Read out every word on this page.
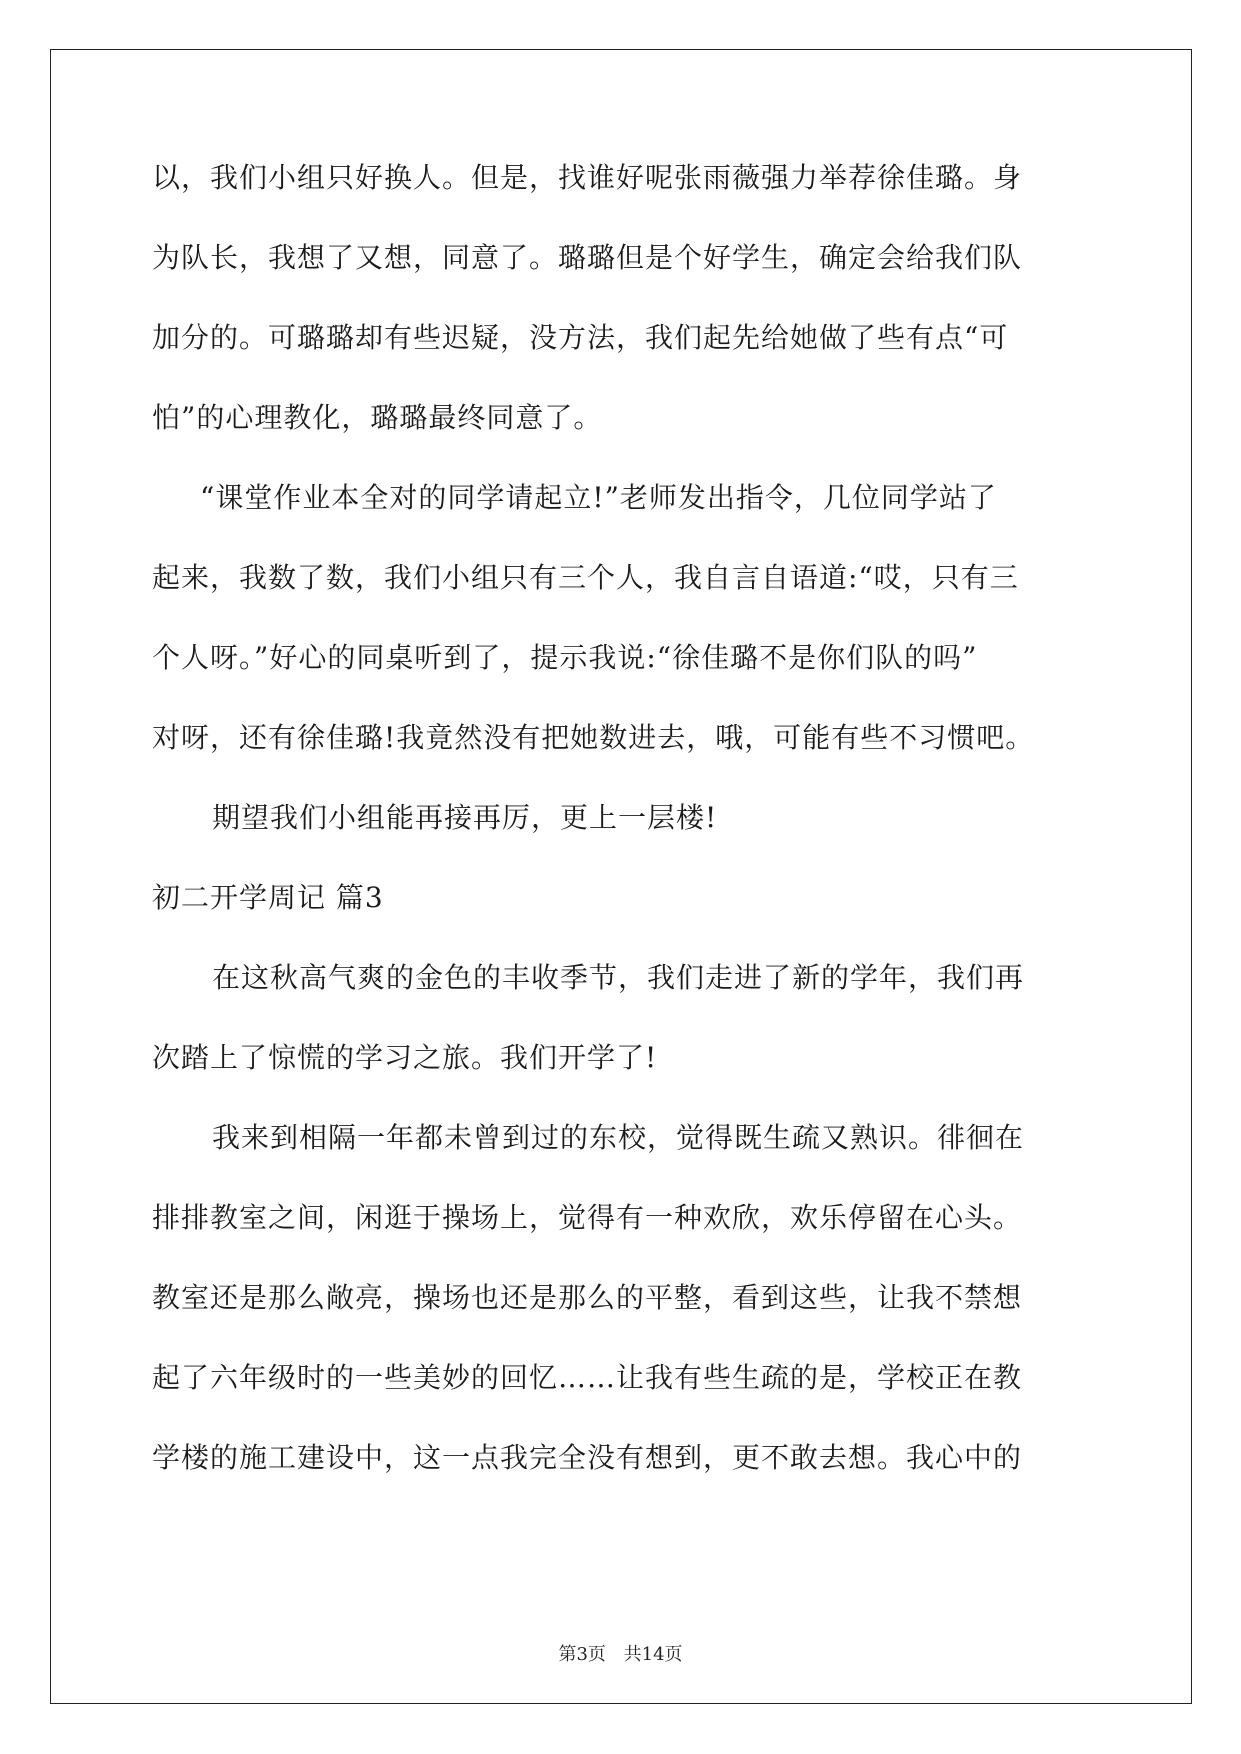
以，我们小组只好换人。但是，找谁好呢张雨薇强力举荐徐佳璐。身
为队长，我想了又想，同意了。璐璐但是个好学生，确定会给我们队
加分的。可璐璐却有些迟疑，没方法，我们起先给她做了些有点“可
怕”的心理教化，璐璐最终同意了。
“课堂作业本全对的同学请起立!”老师发出指令，几位同学站了
起来，我数了数，我们小组只有三个人，我自言自语道:“哎，只有三
个人呀。”好心的同桌听到了，提示我说:“徐佳璐不是你们队的吗”
对呀，还有徐佳璐!我竟然没有把她数进去，哦，可能有些不习惯吧。
期望我们小组能再接再厉，更上一层楼!
初二开学周记 篇3
在这秋高气爽的金色的丰收季节，我们走进了新的学年，我们再
次踏上了惊慌的学习之旅。我们开学了!
我来到相隔一年都未曾到过的东校，觉得既生疏又熟识。徘徊在
排排教室之间，闲逛于操场上，觉得有一种欢欣，欢乐停留在心头。
教室还是那么敞亮，操场也还是那么的平整，看到这些，让我不禁想
起了六年级时的一些美妙的回忆……让我有些生疏的是，学校正在教
学楼的施工建设中，这一点我完全没有想到，更不敢去想。我心中的
第3页 共14页
